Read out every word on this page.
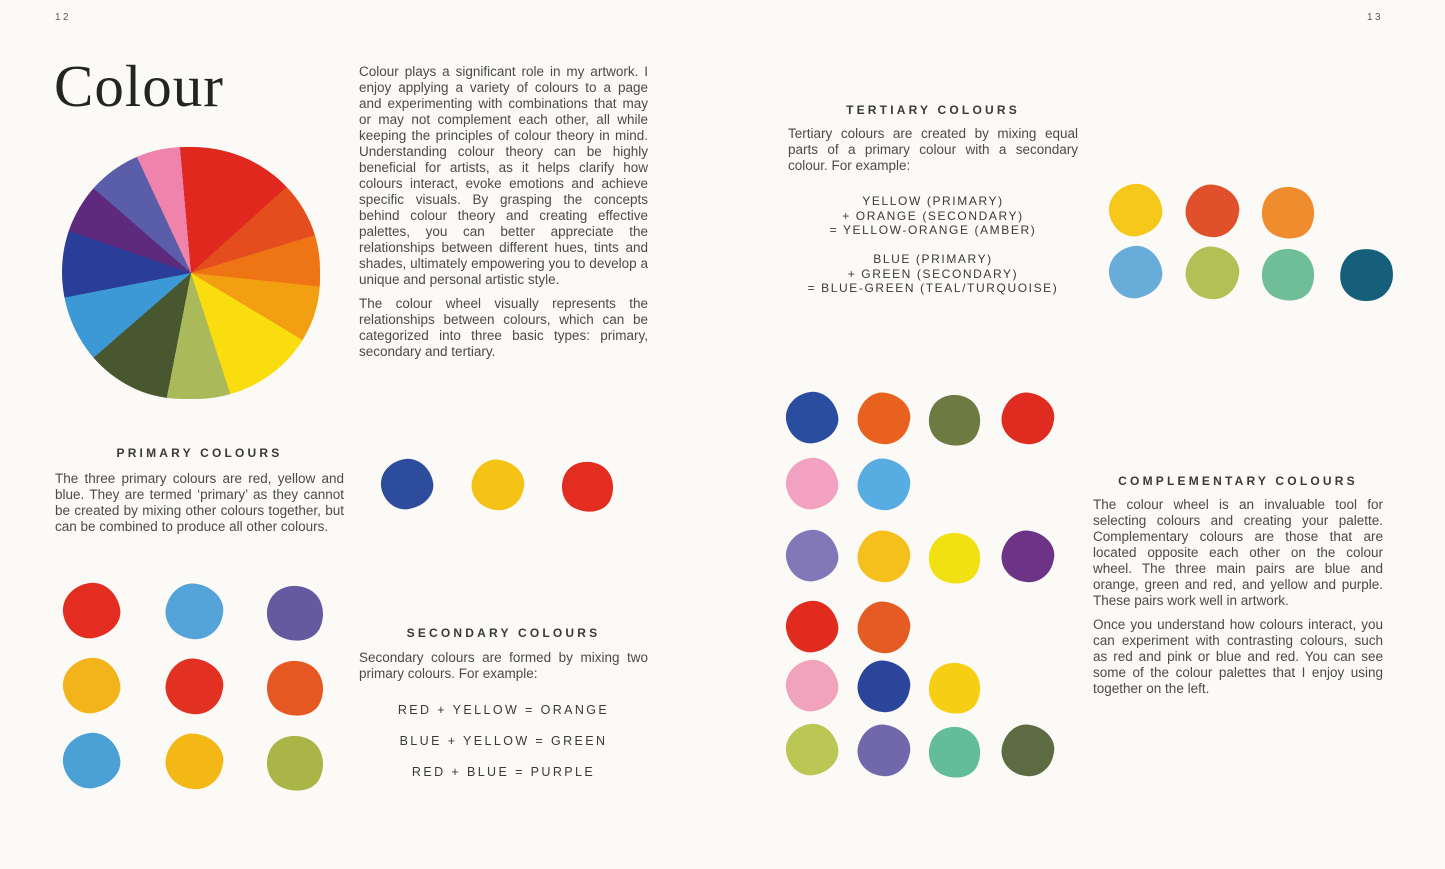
12
Colour
PRIMARY COLOURS

The three primary colours are red, yellow and blue. They are termed ‘primary’ as they cannot be created by mixing other colours together, but can be combined to produce all other colours.

Colour plays a significant role in my artwork. I enjoy applying a variety of colours to a page and experimenting with combinations that may or may not complement each other, all while keeping the principles of colour theory in mind. Understanding colour theory can be highly beneficial for artists, as it helps clarify how colours interact, evoke emotions and achieve specific visuals. By grasping the concepts behind colour theory and creating effective palettes, you can better appreciate the relationships between different hues, tints and shades, ultimately empowering you to develop a unique and personal artistic style.

The colour wheel visually represents the relationships between colours, which can be categorized into three basic types: primary, secondary and tertiary.

SECONDARY COLOURS

Secondary colours are formed by mixing two primary colours. For example:

RED + YELLOW = ORANGE
BLUE + YELLOW = GREEN
RED + BLUE = PURPLE
13
TERTIARY COLOURS

Tertiary colours are created by mixing equal parts of a primary colour with a secondary colour. For example:

YELLOW (PRIMARY)
+ ORANGE (SECONDARY)
= YELLOW-ORANGE (AMBER)
BLUE (PRIMARY)
+ GREEN (SECONDARY)
= BLUE-GREEN (TEAL/TURQUOISE)
COMPLEMENTARY COLOURS

The colour wheel is an invaluable tool for selecting colours and creating your palette. Complementary colours are those that are located opposite each other on the colour wheel. The three main pairs are blue and orange, green and red, and yellow and purple. These pairs work well in artwork.

Once you understand how colours interact, you can experiment with contrasting colours, such as red and pink or blue and red. You can see some of the colour palettes that I enjoy using together on the left.
